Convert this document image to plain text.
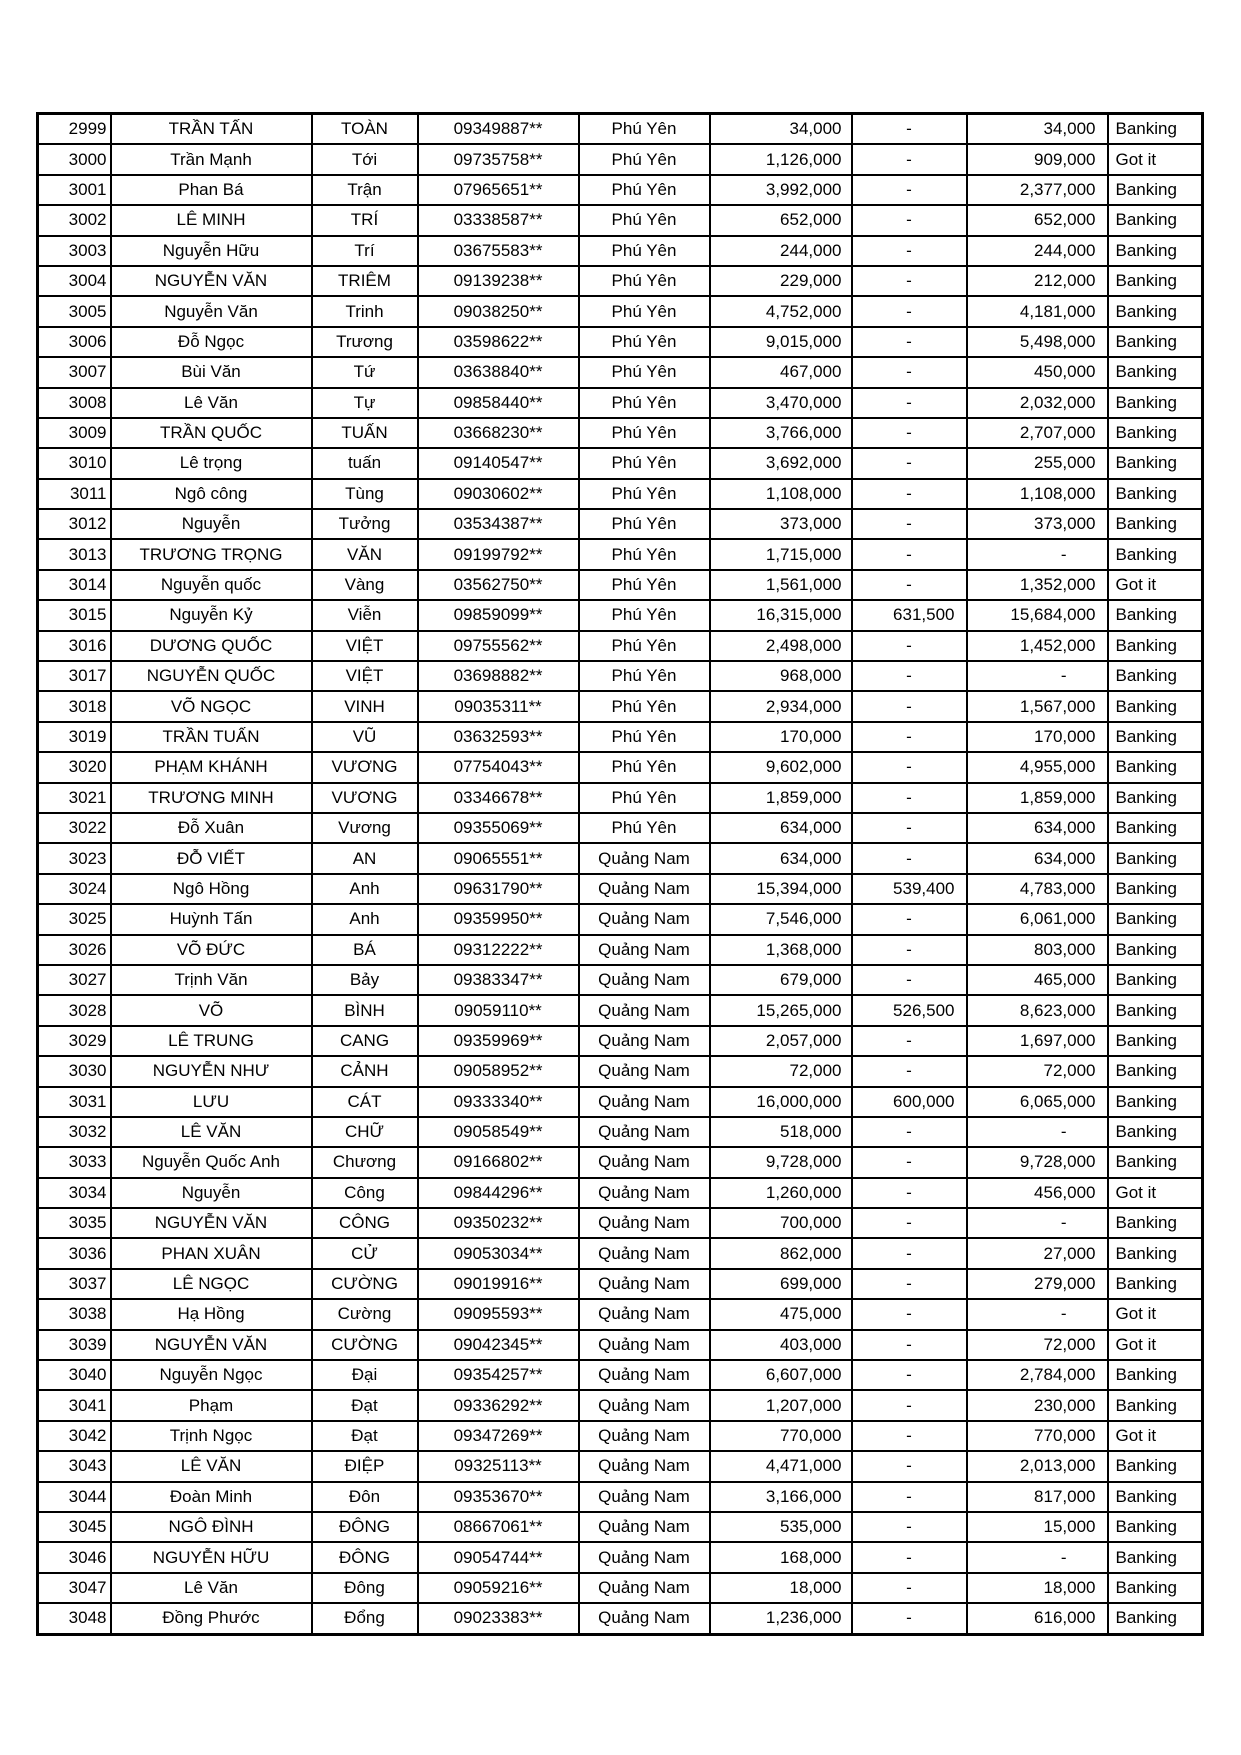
2999	TRẦN TẤN	TOÀN	09349887**	Phú Yên	34,000	-	34,000	Banking
3000	Trần Mạnh	Tới	09735758**	Phú Yên	1,126,000	-	909,000	Got it
3001	Phan Bá	Trận	07965651**	Phú Yên	3,992,000	-	2,377,000	Banking
3002	LÊ MINH	TRÍ	03338587**	Phú Yên	652,000	-	652,000	Banking
3003	Nguyễn Hữu	Trí	03675583**	Phú Yên	244,000	-	244,000	Banking
3004	NGUYỄN VĂN	TRIÊM	09139238**	Phú Yên	229,000	-	212,000	Banking
3005	Nguyễn Văn	Trinh	09038250**	Phú Yên	4,752,000	-	4,181,000	Banking
3006	Đỗ Ngọc	Trương	03598622**	Phú Yên	9,015,000	-	5,498,000	Banking
3007	Bùi Văn	Tứ	03638840**	Phú Yên	467,000	-	450,000	Banking
3008	Lê Văn	Tự	09858440**	Phú Yên	3,470,000	-	2,032,000	Banking
3009	TRẦN QUỐC	TUẤN	03668230**	Phú Yên	3,766,000	-	2,707,000	Banking
3010	Lê trọng	tuấn	09140547**	Phú Yên	3,692,000	-	255,000	Banking
3011	Ngô công	Tùng	09030602**	Phú Yên	1,108,000	-	1,108,000	Banking
3012	Nguyễn	Tưởng	03534387**	Phú Yên	373,000	-	373,000	Banking
3013	TRƯƠNG TRỌNG	VĂN	09199792**	Phú Yên	1,715,000	-	-	Banking
3014	Nguyễn quốc	Vàng	03562750**	Phú Yên	1,561,000	-	1,352,000	Got it
3015	Nguyễn Kỷ	Viễn	09859099**	Phú Yên	16,315,000	631,500	15,684,000	Banking
3016	DƯƠNG QUỐC	VIỆT	09755562**	Phú Yên	2,498,000	-	1,452,000	Banking
3017	NGUYỄN QUỐC	VIỆT	03698882**	Phú Yên	968,000	-	-	Banking
3018	VÕ NGỌC	VINH	09035311**	Phú Yên	2,934,000	-	1,567,000	Banking
3019	TRẦN TUẤN	VŨ	03632593**	Phú Yên	170,000	-	170,000	Banking
3020	PHẠM KHÁNH	VƯƠNG	07754043**	Phú Yên	9,602,000	-	4,955,000	Banking
3021	TRƯƠNG MINH	VƯƠNG	03346678**	Phú Yên	1,859,000	-	1,859,000	Banking
3022	Đỗ Xuân	Vương	09355069**	Phú Yên	634,000	-	634,000	Banking
3023	ĐỖ VIẾT	AN	09065551**	Quảng Nam	634,000	-	634,000	Banking
3024	Ngô Hồng	Anh	09631790**	Quảng Nam	15,394,000	539,400	4,783,000	Banking
3025	Huỳnh Tấn	Anh	09359950**	Quảng Nam	7,546,000	-	6,061,000	Banking
3026	VÕ ĐỨC	BÁ	09312222**	Quảng Nam	1,368,000	-	803,000	Banking
3027	Trịnh Văn	Bảy	09383347**	Quảng Nam	679,000	-	465,000	Banking
3028	VÕ	BÌNH	09059110**	Quảng Nam	15,265,000	526,500	8,623,000	Banking
3029	LÊ TRUNG	CANG	09359969**	Quảng Nam	2,057,000	-	1,697,000	Banking
3030	NGUYỄN NHƯ	CẢNH	09058952**	Quảng Nam	72,000	-	72,000	Banking
3031	LƯU	CÁT	09333340**	Quảng Nam	16,000,000	600,000	6,065,000	Banking
3032	LÊ VĂN	CHỮ	09058549**	Quảng Nam	518,000	-	-	Banking
3033	Nguyễn Quốc Anh	Chương	09166802**	Quảng Nam	9,728,000	-	9,728,000	Banking
3034	Nguyễn	Công	09844296**	Quảng Nam	1,260,000	-	456,000	Got it
3035	NGUYỄN VĂN	CÔNG	09350232**	Quảng Nam	700,000	-	-	Banking
3036	PHAN XUÂN	CỬ	09053034**	Quảng Nam	862,000	-	27,000	Banking
3037	LÊ NGỌC	CƯỜNG	09019916**	Quảng Nam	699,000	-	279,000	Banking
3038	Hạ Hồng	Cường	09095593**	Quảng Nam	475,000	-	-	Got it
3039	NGUYỄN VĂN	CƯỜNG	09042345**	Quảng Nam	403,000	-	72,000	Got it
3040	Nguyễn Ngọc	Đại	09354257**	Quảng Nam	6,607,000	-	2,784,000	Banking
3041	Phạm	Đạt	09336292**	Quảng Nam	1,207,000	-	230,000	Banking
3042	Trịnh Ngọc	Đạt	09347269**	Quảng Nam	770,000	-	770,000	Got it
3043	LÊ VĂN	ĐIỆP	09325113**	Quảng Nam	4,471,000	-	2,013,000	Banking
3044	Đoàn Minh	Đôn	09353670**	Quảng Nam	3,166,000	-	817,000	Banking
3045	NGÔ ĐÌNH	ĐÔNG	08667061**	Quảng Nam	535,000	-	15,000	Banking
3046	NGUYỄN HỮU	ĐÔNG	09054744**	Quảng Nam	168,000	-	-	Banking
3047	Lê Văn	Đông	09059216**	Quảng Nam	18,000	-	18,000	Banking
3048	Đồng Phước	Đổng	09023383**	Quảng Nam	1,236,000	-	616,000	Banking
